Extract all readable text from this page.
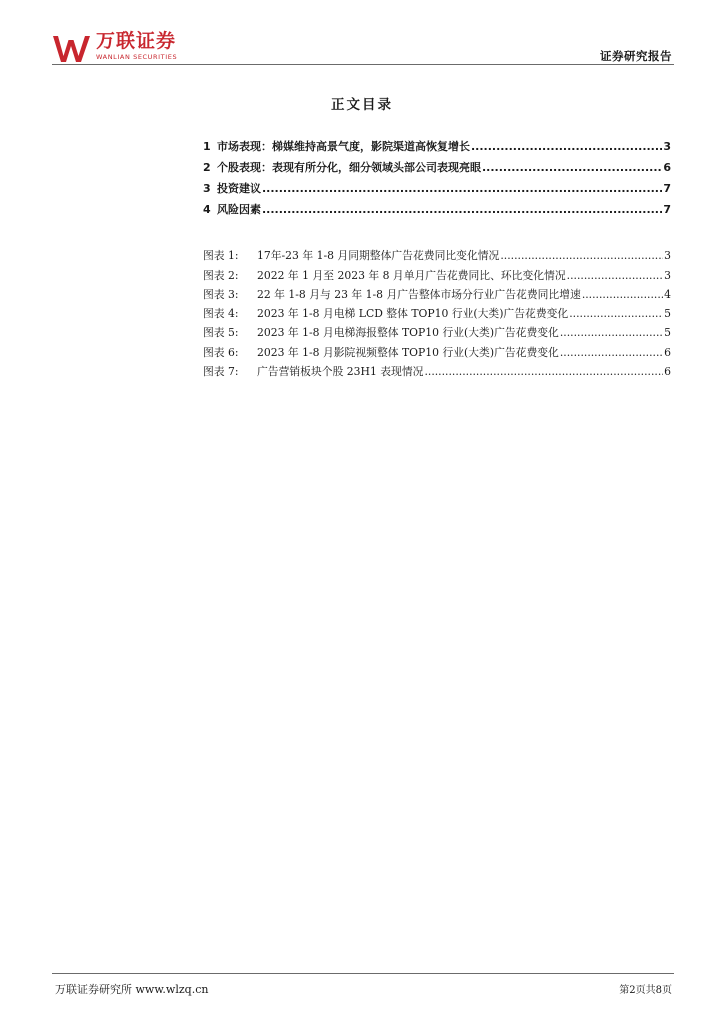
万联证券
WANLIAN SECURITIES	证券研究报告
正文目录
1 市场表现：梯媒维持高景气度，影院渠道高恢复增长 .....	3
2 个股表现：表现有所分化，细分领域头部公司表现亮眼 .....	6
3 投资建议 .....	7
4 风险因素 .....	7
图表 1:	17年-23 年 1-8 月同期整体广告花费同比变化情况 .....	3
图表 2:	2022 年 1 月至 2023 年 8 月单月广告花费同比、环比变化情况 .....	3
图表 3:	22 年 1-8 月与 23 年 1-8 月广告整体市场分行业广告花费同比增速 .....	4
图表 4:	2023 年 1-8 月电梯 LCD 整体 TOP10 行业(大类)广告花费变化 .....	5
图表 5:	2023 年 1-8 月电梯海报整体 TOP10 行业(大类)广告花费变化 .....	5
图表 6:	2023 年 1-8 月影院视频整体 TOP10 行业(大类)广告花费变化 .....	6
图表 7:	广告营销板块个股 23H1 表现情况 .....	6
万联证券研究所 www.wlzq.cn	第2页共8页
